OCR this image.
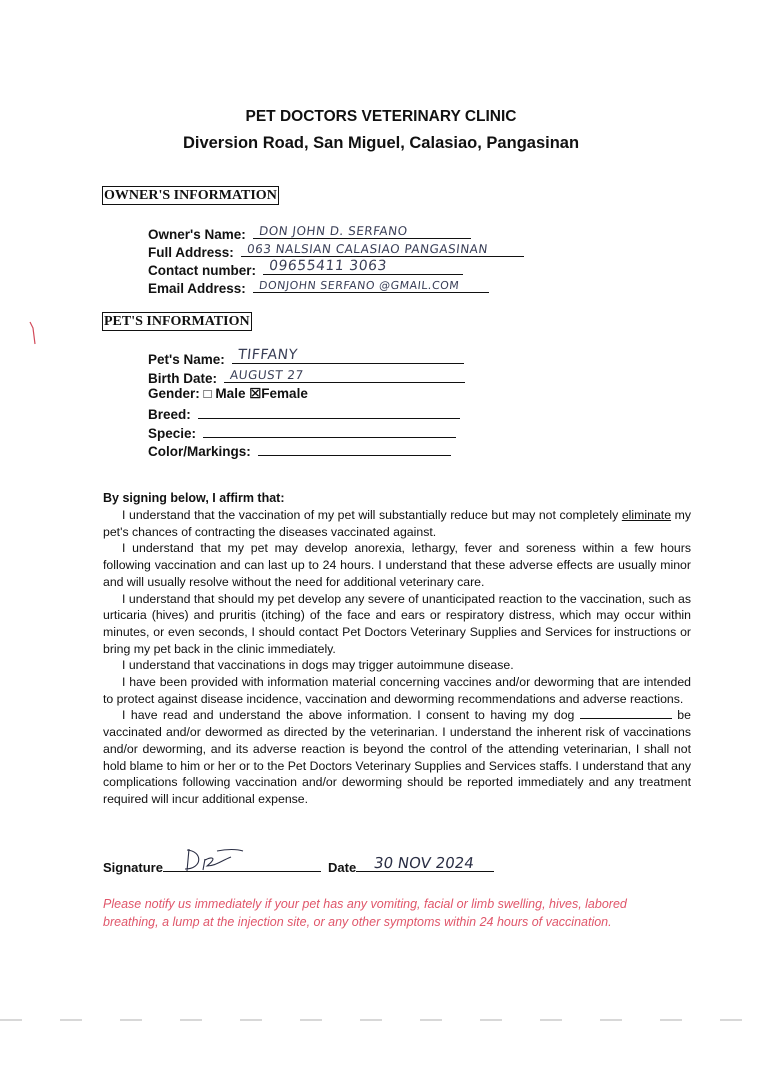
PET DOCTORS VETERINARY CLINIC
Diversion Road, San Miguel, Calasiao, Pangasinan
OWNER'S INFORMATION
Owner's Name: DON JOHN D. SERFANO
Full Address: 063 NALSIAN CALASIAO PANGASINAN
Contact number: 09655411 3063
Email Address: DONJOHN SERFANO @GMAIL.COM
PET'S INFORMATION
Pet's Name: TIFFANY
Birth Date: AUGUST 27
Gender: □ Male ☒Female
Breed:
Specie:
Color/Markings:
By signing below, I affirm that:

I understand that the vaccination of my pet will substantially reduce but may not completely eliminate my pet's chances of contracting the diseases vaccinated against.

I understand that my pet may develop anorexia, lethargy, fever and soreness within a few hours following vaccination and can last up to 24 hours. I understand that these adverse effects are usually minor and will usually resolve without the need for additional veterinary care.

I understand that should my pet develop any severe of unanticipated reaction to the vaccination, such as urticaria (hives) and pruritis (itching) of the face and ears or respiratory distress, which may occur within minutes, or even seconds, I should contact Pet Doctors Veterinary Supplies and Services for instructions or bring my pet back in the clinic immediately.

I understand that vaccinations in dogs may trigger autoimmune disease.

I have been provided with information material concerning vaccines and/or deworming that are intended to protect against disease incidence, vaccination and deworming recommendations and adverse reactions.

I have read and understand the above information. I consent to having my dog	be vaccinated and/or dewormed as directed by the veterinarian. I understand the inherent risk of vaccinations and/or deworming, and its adverse reaction is beyond the control of the attending veterinarian, I shall not hold blame to him or her or to the Pet Doctors Veterinary Supplies and Services staffs. I understand that any complications following vaccination and/or deworming should be reported immediately and any treatment required will incur additional expense.

Signature	Date 30 NOV 2024
Please notify us immediately if your pet has any vomiting, facial or limb swelling, hives, labored breathing, a lump at the injection site, or any other symptoms within 24 hours of vaccination.
